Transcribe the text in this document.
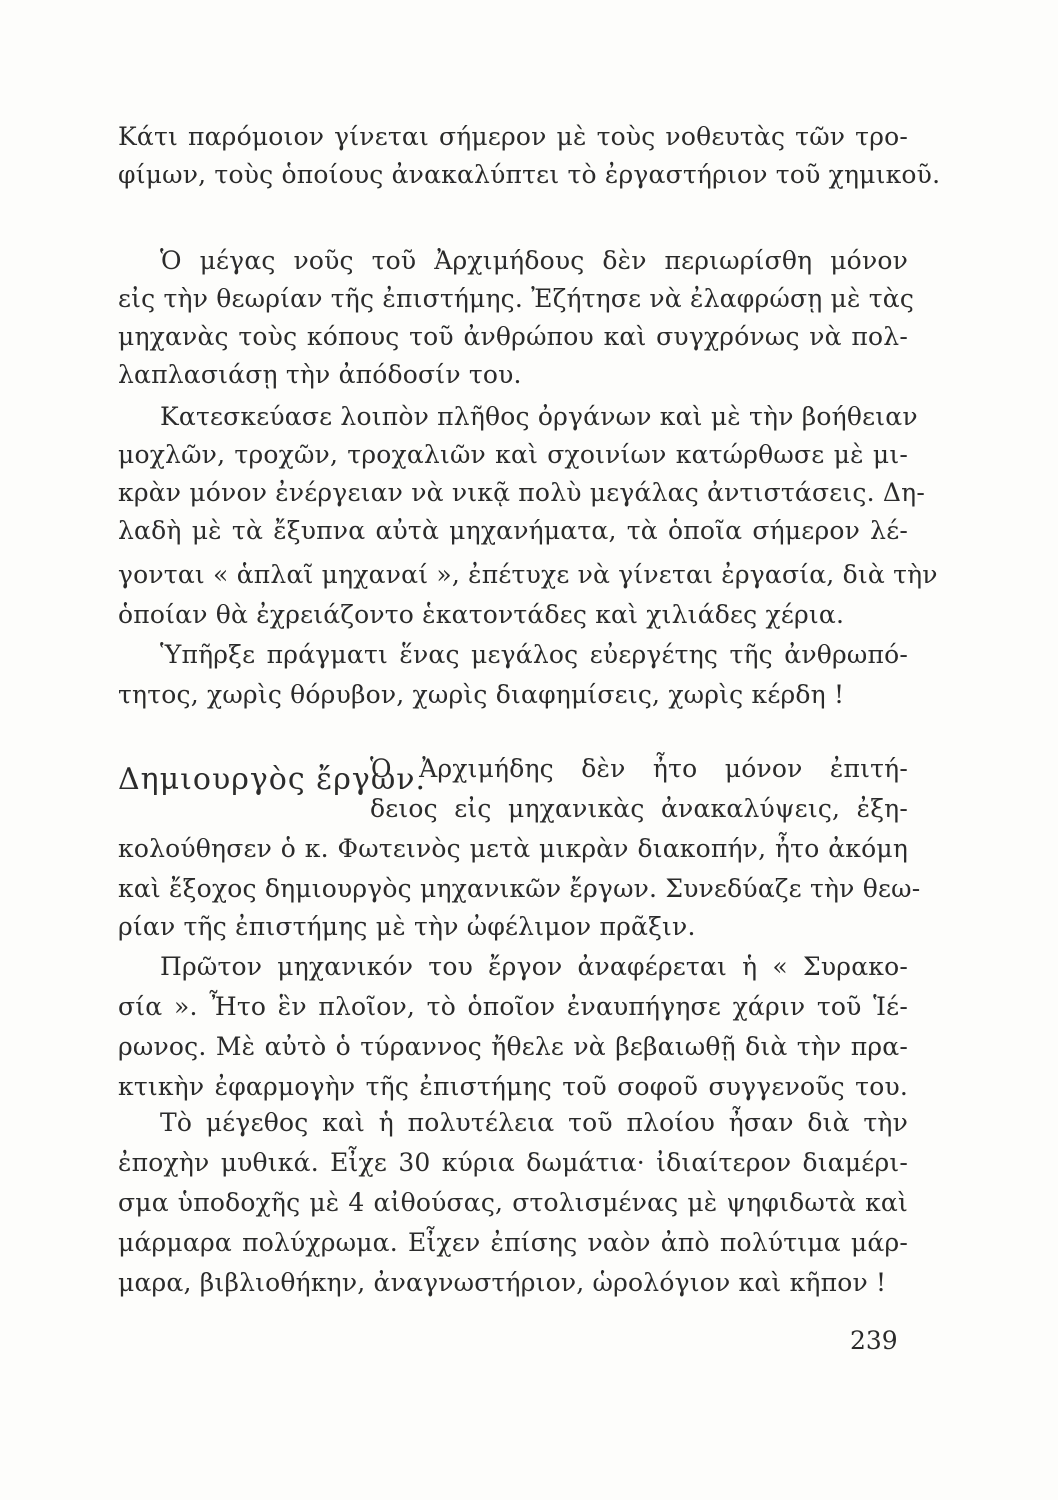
Κάτι παρόμοιον γίνεται σήμερον μὲ τοὺς νοθευτὰς τῶν τρο-
φίμων, τοὺς ὁποίους ἀνακαλύπτει τὸ ἐργαστήριον τοῦ χημικοῦ.
Ὁ μέγας νοῦς τοῦ Ἀρχιμήδους δὲν περιωρίσθη μόνον
εἰς τὴν θεωρίαν τῆς ἐπιστήμης. Ἐζήτησε νὰ ἐλαφρώσῃ μὲ τὰς
μηχανὰς τοὺς κόπους τοῦ ἀνθρώπου καὶ συγχρόνως νὰ πολ-
λαπλασιάσῃ τὴν ἀπόδοσίν του.
Κατεσκεύασε λοιπὸν πλῆθος ὀργάνων καὶ μὲ τὴν βοήθειαν
μοχλῶν, τροχῶν, τροχαλιῶν καὶ σχοινίων κατώρθωσε μὲ μι-
κρὰν μόνον ἐνέργειαν νὰ νικᾷ πολὺ μεγάλας ἀντιστάσεις. Δη-
λαδὴ μὲ τὰ ἔξυπνα αὐτὰ μηχανήματα, τὰ ὁποῖα σήμερον λέ-
γονται « ἁπλαῖ μηχαναί », ἐπέτυχε νὰ γίνεται ἐργασία, διὰ τὴν
ὁποίαν θὰ ἐχρειάζοντο ἑκατοντάδες καὶ χιλιάδες χέρια.
Ὑπῆρξε πράγματι ἕνας μεγάλος εὐεργέτης τῆς ἀνθρωπό-
τητος, χωρὶς θόρυβον, χωρὶς διαφημίσεις, χωρὶς κέρδη !
Δημιουργὸς ἔργων.
Ὁ Ἀρχιμήδης δὲν ἦτο μόνον ἐπιτή-
δειος εἰς μηχανικὰς ἀνακαλύψεις, ἐξη-
κολούθησεν ὁ κ. Φωτεινὸς μετὰ μικρὰν διακοπήν, ἦτο ἀκόμη
καὶ ἔξοχος δημιουργὸς μηχανικῶν ἔργων. Συνεδύαζε τὴν θεω-
ρίαν τῆς ἐπιστήμης μὲ τὴν ὠφέλιμον πρᾶξιν.
Πρῶτον μηχανικόν του ἔργον ἀναφέρεται ἡ « Συρακο-
σία ». Ἦτο ἓν πλοῖον, τὸ ὁποῖον ἐναυπήγησε χάριν τοῦ Ἱέ-
ρωνος. Μὲ αὐτὸ ὁ τύραννος ἤθελε νὰ βεβαιωθῇ διὰ τὴν πρα-
κτικὴν ἐφαρμογὴν τῆς ἐπιστήμης τοῦ σοφοῦ συγγενοῦς του.
Τὸ μέγεθος καὶ ἡ πολυτέλεια τοῦ πλοίου ἦσαν διὰ τὴν
ἐποχὴν μυθικά. Εἶχε 30 κύρια δωμάτια· ἰδιαίτερον διαμέρι-
σμα ὑποδοχῆς μὲ 4 αἰθούσας, στολισμένας μὲ ψηφιδωτὰ καὶ
μάρμαρα πολύχρωμα. Εἶχεν ἐπίσης ναὸν ἀπὸ πολύτιμα μάρ-
μαρα, βιβλιοθήκην, ἀναγνωστήριον, ὡρολόγιον καὶ κῆπον !
239
